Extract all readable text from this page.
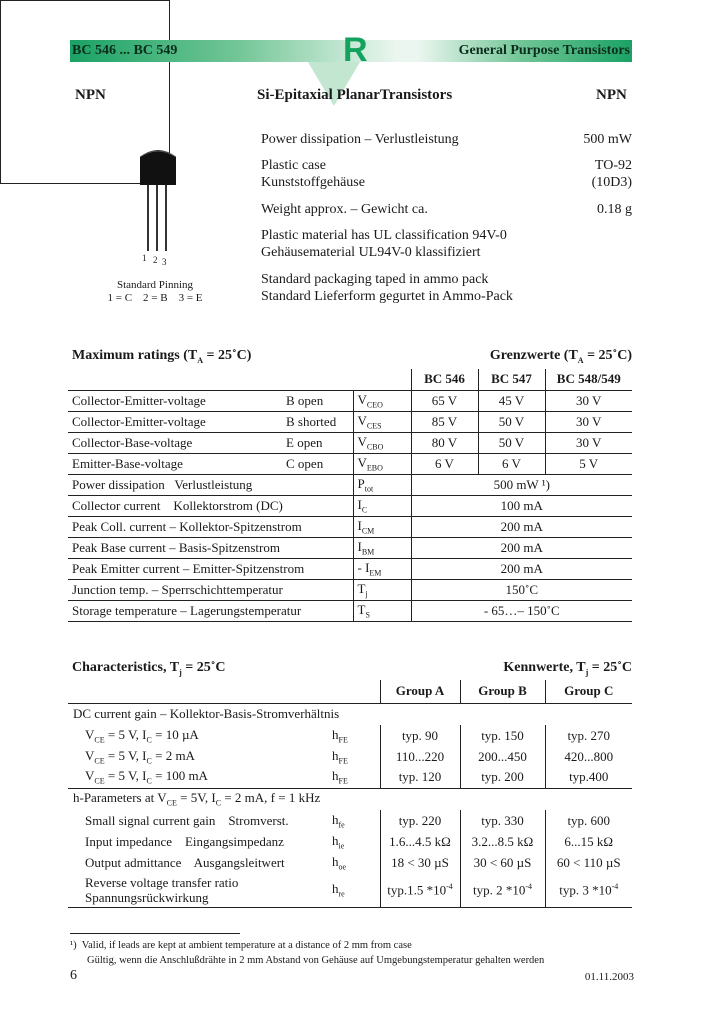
BC 546 ... BC 549	General Purpose Transistors
R
NPN	Si-Epitaxial PlanarTransistors	NPN
1 2 3
Standard Pinning
1 = C    2 = B    3 = E
Power dissipation – Verlustleistung	500 mW
Plastic case	TO-92
Kunststoffgehäuse	(10D3)
Weight approx. – Gewicht ca.	0.18 g
Plastic material has UL classification 94V-0
Gehäusematerial UL94V-0 klassifiziert
Standard packaging taped in ammo pack
Standard Lieferform gegurtet in Ammo-Pack
Maximum ratings ($T_A$ = 25˚C)	Grenzwerte ($T_A$ = 25˚C)
			BC 546	BC 547	BC 548/549
Collector-Emitter-voltage	B open	$V_{CEO}$	65 V	45 V	30 V
Collector-Emitter-voltage	B shorted	$V_{CES}$	85 V	50 V	30 V
Collector-Base-voltage	E open	$V_{CBO}$	80 V	50 V	30 V
Emitter-Base-voltage	C open	$V_{EBO}$	6 V	6 V	5 V
Power dissipation   Verlustleistung		$P_{tot}$	500 mW ¹)		
Collector current    Kollektorstrom (DC)		$I_C$	100 mA		
Peak Coll. current – Kollektor-Spitzenstrom		$I_{CM}$	200 mA		
Peak Base current – Basis-Spitzenstrom		$I_{BM}$	200 mA		
Peak Emitter current – Emitter-Spitzenstrom		- $I_{EM}$	200 mA		
Junction temp. – Sperrschichttemperatur		$T_j$	150˚C		
Storage temperature – Lagerungstemperatur		$T_S$	- 65…– 150˚C		
Characteristics, $T_j$ = 25˚C	Kennwerte, $T_j$ = 25˚C
		Group A	Group B	Group C
DC current gain – Kollektor-Basis-Stromverhältnis				
$V_{CE} = 5$ V, $I_C = 10$ µA	$h_{FE}$	typ. 90	typ. 150	typ. 270
$V_{CE} = 5$ V, $I_C = 2$ mA	$h_{FE}$	110...220	200...450	420...800
$V_{CE} = 5$ V, $I_C = 100$ mA	$h_{FE}$	typ. 120	typ. 200	typ.400
h-Parameters at $V_{CE} = 5V$, $I_C = 2$ mA, f = 1 kHz				
Small signal current gain    Stromverst.	$h_{fe}$	typ. 220	typ. 330	typ. 600
Input impedance    Eingangsimpedanz	$h_{ie}$	1.6...4.5 kΩ	3.2...8.5 kΩ	6...15 kΩ
Output admittance    Ausgangsleitwert	$h_{oe}$	18 < 30 µS	30 < 60 µS	60 < 110 µS

Reverse voltage transfer ratio
Spannungsrückwirkung	$h_{re}$	typ.1.5 $*10^{-4}$	typ. 2 $*10^{-4}$	typ. 3 $*10^{-4}$
¹) Valid, if leads are kept at ambient temperature at a distance of 2 mm from case
Gültig, wenn die Anschlußdrähte in 2 mm Abstand von Gehäuse auf Umgebungstemperatur gehalten werden
6	01.11.2003
